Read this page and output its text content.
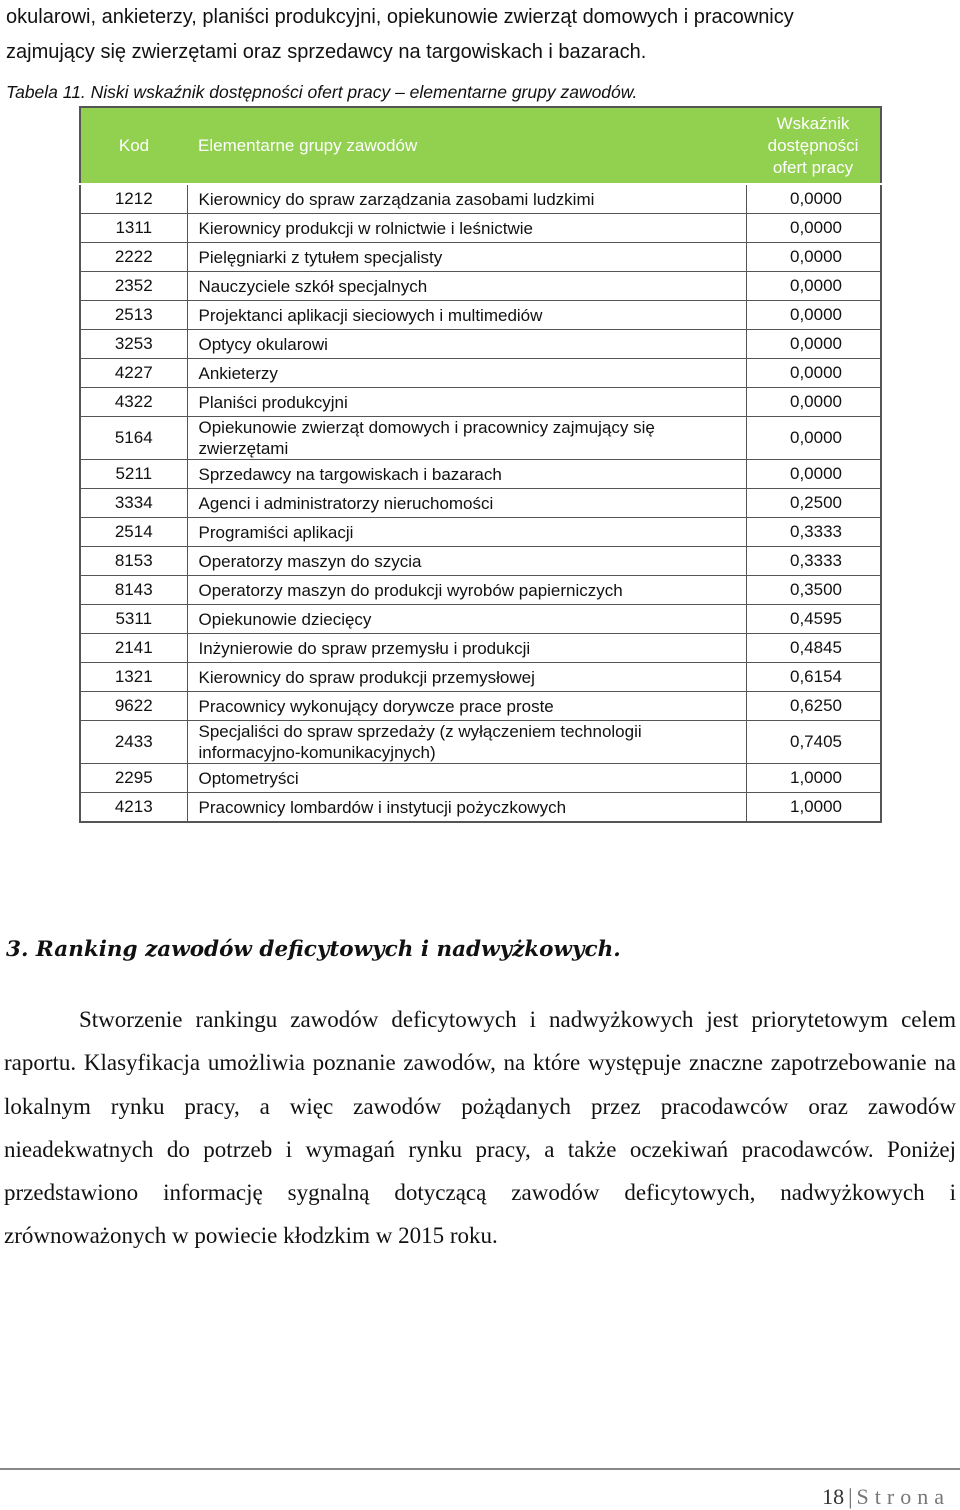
okularowi, ankieterzy, planiści produkcyjni, opiekunowie zwierząt domowych i pracownicy

zajmujący się zwierzętami oraz sprzedawcy na targowiskach i bazarach.

Tabela 11. Niski wskaźnik dostępności ofert pracy – elementarne grupy zawodów.
Kod	Elementarne grupy zawodów	Wskaźnik
dostępności
ofert pracy
1212	Kierownicy do spraw zarządzania zasobami ludzkimi	0,0000
1311	Kierownicy produkcji w rolnictwie i leśnictwie	0,0000
2222	Pielęgniarki z tytułem specjalisty	0,0000
2352	Nauczyciele szkół specjalnych	0,0000
2513	Projektanci aplikacji sieciowych i multimediów	0,0000
3253	Optycy okularowi	0,0000
4227	Ankieterzy	0,0000
4322	Planiści produkcyjni	0,0000
5164	Opiekunowie zwierząt domowych i pracownicy zajmujący się zwierzętami	0,0000
5211	Sprzedawcy na targowiskach i bazarach	0,0000
3334	Agenci i administratorzy nieruchomości	0,2500
2514	Programiści aplikacji	0,3333
8153	Operatorzy maszyn do szycia	0,3333
8143	Operatorzy maszyn do produkcji wyrobów papierniczych	0,3500
5311	Opiekunowie dziecięcy	0,4595
2141	Inżynierowie do spraw przemysłu i produkcji	0,4845
1321	Kierownicy do spraw produkcji przemysłowej	0,6154
9622	Pracownicy wykonujący dorywcze prace proste	0,6250
2433	Specjaliści do spraw sprzedaży (z wyłączeniem technologii informacyjno-komunikacyjnych)	0,7405
2295	Optometryści	1,0000
4213	Pracownicy lombardów i instytucji pożyczkowych	1,0000
3. Ranking zawodów deficytowych i nadwyżkowych.

Stworzenie rankingu zawodów deficytowych i nadwyżkowych jest priorytetowym celem raportu. Klasyfikacja umożliwia poznanie zawodów, na które występuje znaczne zapotrzebowanie na lokalnym rynku pracy, a więc zawodów pożądanych przez pracodawców oraz zawodów nieadekwatnych do potrzeb i wymagań rynku pracy, a także oczekiwań pracodawców. Poniżej przedstawiono informację sygnalną dotyczącą zawodów deficytowych, nadwyżkowych i zrównoważonych w powiecie kłodzkim w 2015 roku.

18 | Strona
